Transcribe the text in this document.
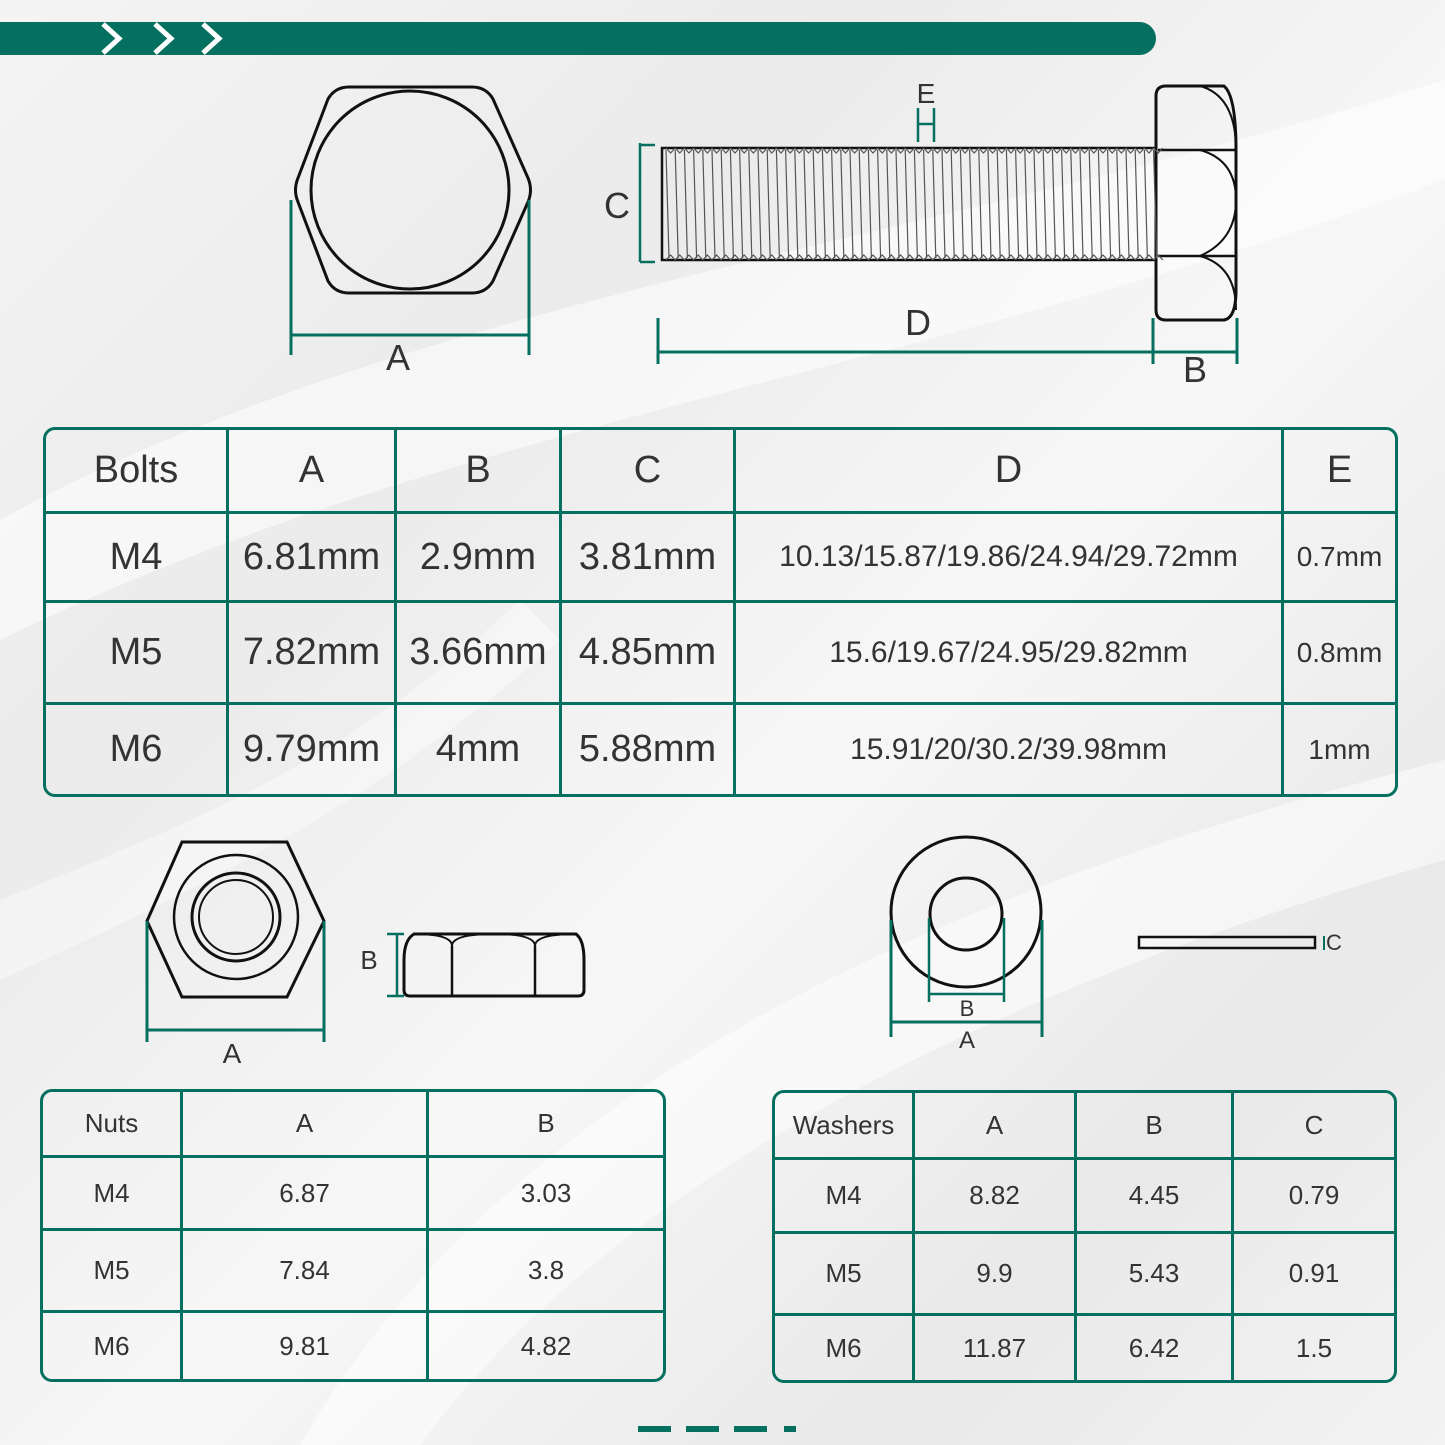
A
E
C
D
B
B
A
B
A
C
Bolts	A	B	C	D	E
M4	6.81mm	2.9mm	3.81mm	10.13/15.87/19.86/24.94/29.72mm	0.7mm
M5	7.82mm	3.66mm	4.85mm	15.6/19.67/24.95/29.82mm	0.8mm
M6	9.79mm	4mm	5.88mm	15.91/20/30.2/39.98mm	1mm
Nuts	A	B
M4	6.87	3.03
M5	7.84	3.8
M6	9.81	4.82
Washers	A	B	C
M4	8.82	4.45	0.79
M5	9.9	5.43	0.91
M6	11.87	6.42	1.5
